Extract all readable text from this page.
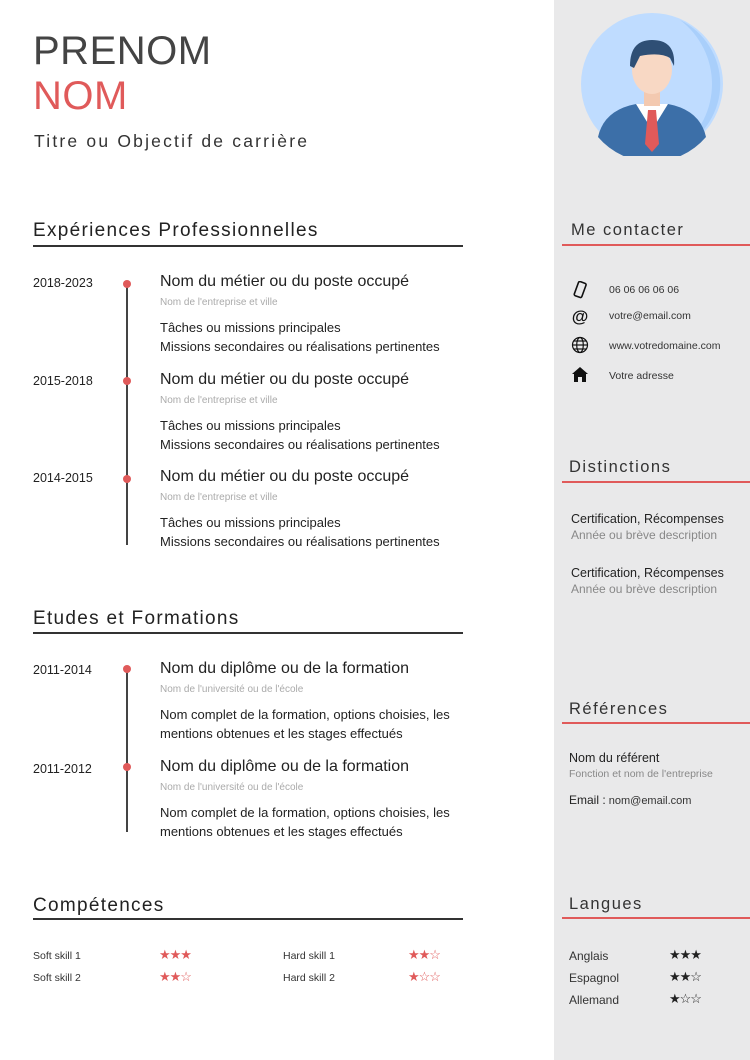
PRENOM
NOM
Titre ou Objectif de carrière
Expériences Professionnelles
2018-2023	Nom du métier ou du poste occupé
Nom de l'entreprise et ville
Tâches ou missions principales
Missions secondaires ou réalisations pertinentes
2015-2018	Nom du métier ou du poste occupé
Nom de l'entreprise et ville
Tâches ou missions principales
Missions secondaires ou réalisations pertinentes
2014-2015	Nom du métier ou du poste occupé
Nom de l'entreprise et ville
Tâches ou missions principales
Missions secondaires ou réalisations pertinentes
Etudes et Formations
2011-2014	Nom du diplôme ou de la formation
Nom de l'université ou de l'école
Nom complet de la formation, options choisies, les
mentions obtenues et les stages effectués
2011-2012	Nom du diplôme ou de la formation
Nom de l'université ou de l'école
Nom complet de la formation, options choisies, les
mentions obtenues et les stages effectués
Compétences
Soft skill 1	★★★	Hard skill 1	★★☆
Soft skill 2	★★☆	Hard skill 2	★☆☆
Me contacter
06 06 06 06 06
@ votre@email.com
www.votredomaine.com
Votre adresse
Distinctions
Certification, Récompenses
Année ou brève description
Certification, Récompenses
Année ou brève description
Références
Nom du référent
Fonction et nom de l'entreprise
Email : nom@email.com
Langues
Anglais	★★★
Espagnol	★★☆
Allemand	★☆☆
